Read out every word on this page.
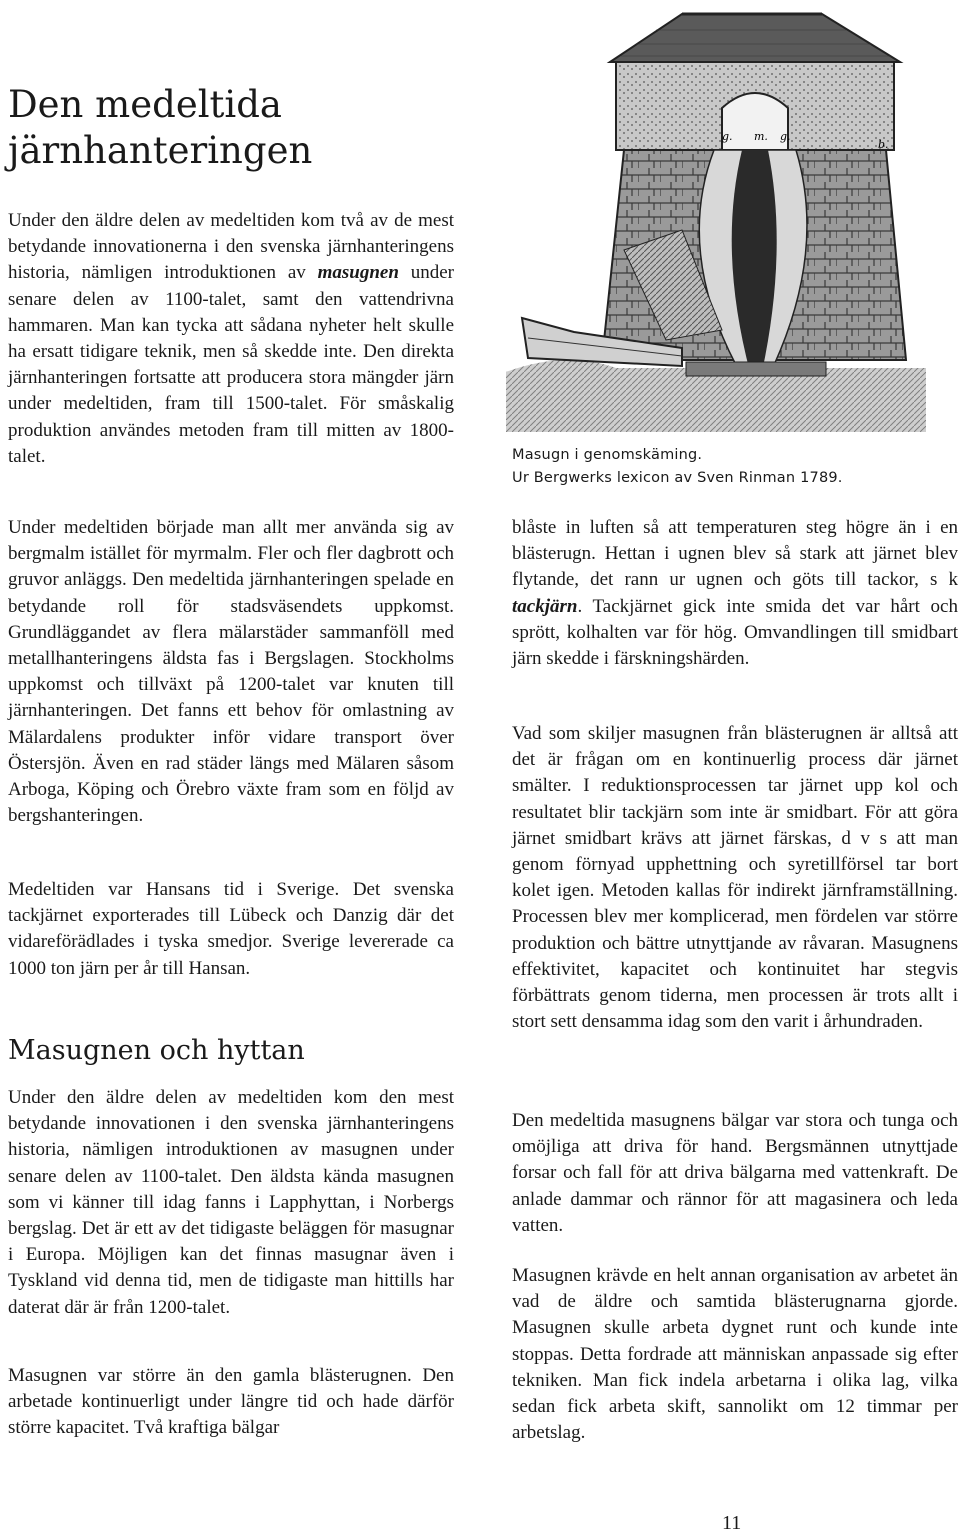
Den medeltida
järnhanteringen

Under den äldre delen av medeltiden kom två av de mest betydande innovationerna i den svenska järnhanteringens historia, nämligen introduktionen av masugnen under senare delen av 1100-talet, samt den vattendrivna hammaren. Man kan tycka att sådana nyheter helt skulle ha ersatt tidigare teknik, men så skedde inte. Den direkta järnhanteringen fortsatte att producera stora mängder järn under medeltiden, fram till 1500-talet. För småskalig produktion användes metoden fram till mitten av 1800-talet.

Under medeltiden började man allt mer använda sig av bergmalm istället för myrmalm. Fler och fler dagbrott och gruvor anläggs. Den medeltida järnhanteringen spelade en betydande roll för stadsväsendets uppkomst. Grundläggandet av flera mälarstäder sammanföll med metallhanteringens äldsta fas i Bergslagen. Stockholms uppkomst och tillväxt på 1200-talet var knuten till järnhanteringen. Det fanns ett behov för omlastning av Mälardalens produkter inför vidare transport över Östersjön. Även en rad städer längs med Mälaren såsom Arboga, Köping och Örebro växte fram som en följd av bergshanteringen.

Medeltiden var Hansans tid i Sverige. Det svenska tackjärnet exporterades till Lübeck och Danzig där det vidareförädlades i tyska smedjor. Sverige levererade ca 1000 ton järn per år till Hansan.

Masugnen och hyttan

Under den äldre delen av medeltiden kom den mest betydande innovationen i den svenska järnhanteringens historia, nämligen introduktionen av masugnen under senare delen av 1100-talet. Den äldsta kända masugnen som vi känner till idag fanns i Lapphyttan, i Norbergs bergslag. Det är ett av det tidigaste beläggen för masugnar i Europa. Möjligen kan det finnas masugnar även i Tyskland vid denna tid, men de tidigaste man hittills har daterat där är från 1200-talet.

Masugnen var större än den gamla blästerugnen. Den arbetade kontinuerligt under längre tid och hade därför större kapacitet. Två kraftiga bälgar

g. m. g.
b.

Masugn i genomskäming.
Ur Bergwerks lexicon av Sven Rinman 1789.

blåste in luften så att temperaturen steg högre än i en blästerugn. Hettan i ugnen blev så stark att järnet blev flytande, det rann ur ugnen och göts till tackor, s k tackjärn. Tackjärnet gick inte smida det var hårt och sprött, kolhalten var för hög. Omvandlingen till smidbart järn skedde i färskningshärden.

Vad som skiljer masugnen från blästerugnen är alltså att det är frågan om en kontinuerlig process där järnet smälter. I reduktionsprocessen tar järnet upp kol och resultatet blir tackjärn som inte är smidbart. För att göra järnet smidbart krävs att järnet färskas, d v s att man genom förnyad upphettning och syretillförsel tar bort kolet igen. Metoden kallas för indirekt järnframställning. Processen blev mer komplicerad, men fördelen var större produktion och bättre utnyttjande av råvaran. Masugnens effektivitet, kapacitet och kontinuitet har stegvis förbättrats genom tiderna, men processen är trots allt i stort sett densamma idag som den varit i århundraden.

Den medeltida masugnens bälgar var stora och tunga och omöjliga att driva för hand. Bergsmännen utnyttjade forsar och fall för att driva bälgarna med vattenkraft. De anlade dammar och rännor för att magasinera och leda vatten.

Masugnen krävde en helt annan organisation av arbetet än vad de äldre och samtida blästerugnarna gjorde. Masugnen skulle arbeta dygnet runt och kunde inte stoppas. Detta fordrade att människan anpassade sig efter tekniken. Man fick indela arbetarna i olika lag, vilka sedan fick arbeta skift, sannolikt om 12 timmar per arbetslag.

11
